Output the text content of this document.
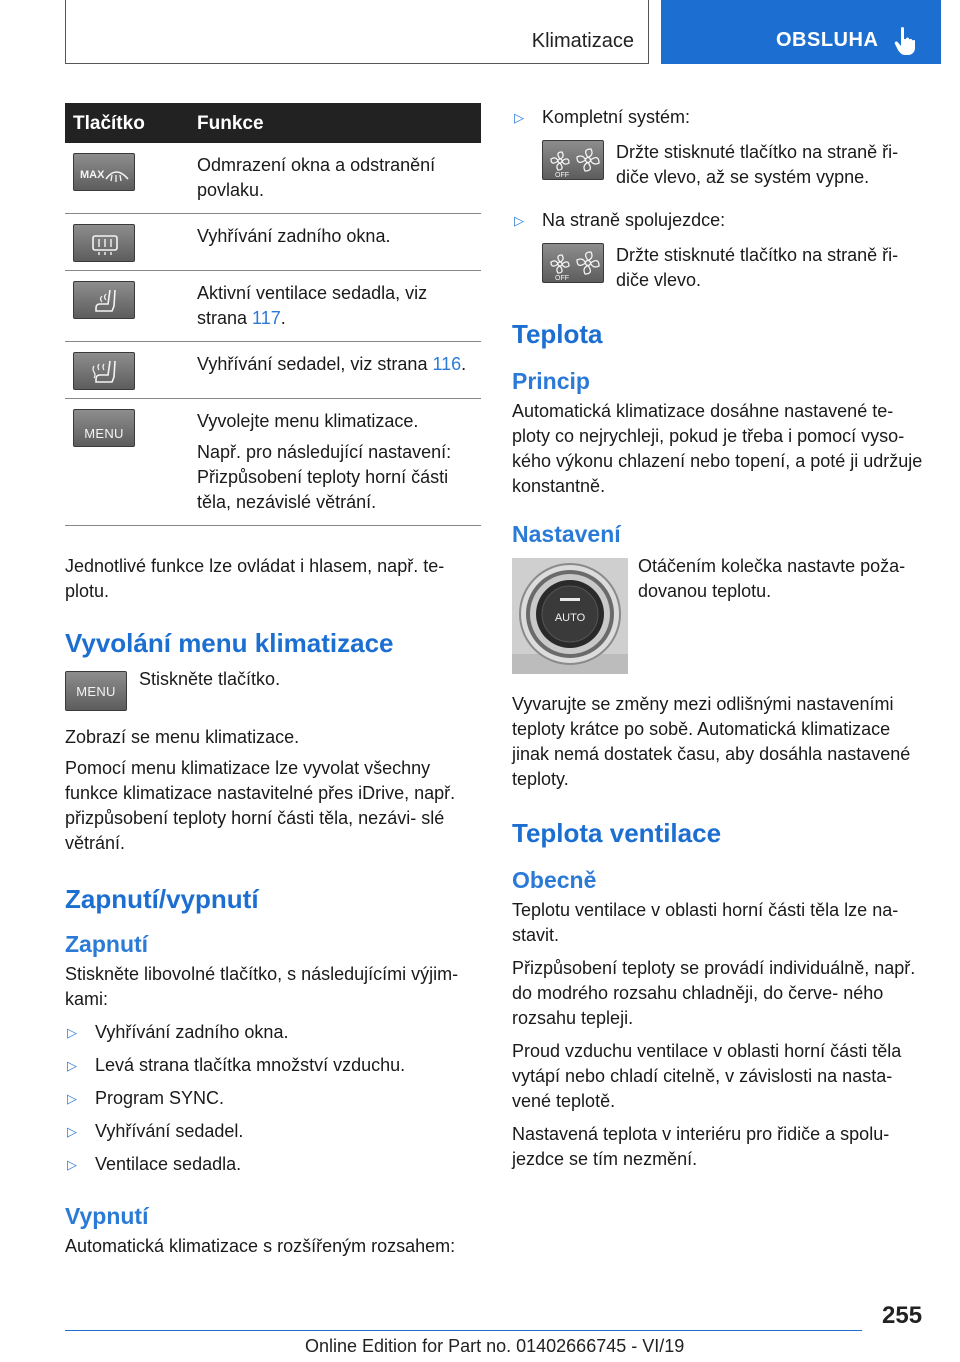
Klimatizace	OBSLUHA
Tlačítko	Funkce

MAX	Odmrazení okna a odstranění povlaku.

Vyhřívání zadního okna.

Aktivní ventilace sedadla, viz strana 117.

Vyhřívání sedadel, viz strana 116.

MENU	Vyvolejte menu klimatizace.

Např. pro následující nastavení: Přizpůsobení teploty horní části těla, nezávislé větrání.

Jednotlivé funkce lze ovládat i hlasem, např. te- plotu.

Vyvolání menu klimatizace
MENU
Stiskněte tlačítko.

Zobrazí se menu klimatizace.

Pomocí menu klimatizace lze vyvolat všechny funkce klimatizace nastavitelné přes iDrive, např. přizpůsobení teploty horní části těla, nezávi- slé větrání.

Zapnutí/vypnutí
Zapnutí

Stiskněte libovolné tlačítko, s následujícími výjim- kami:

▷ Vyhřívání zadního okna.
▷ Levá strana tlačítka množství vzduchu.
▷ Program SYNC.
▷ Vyhřívání sedadel.
▷ Ventilace sedadla.
Vypnutí

Automatická klimatizace s rozšířeným rozsahem:

▷ Kompletní systém:
OFF

Držte stisknuté tlačítko na straně ři- diče vlevo, až se systém vypne.

▷ Na straně spolujezdce:
OFF

Držte stisknuté tlačítko na straně ři- diče vlevo.

Teplota
Princip

Automatická klimatizace dosáhne nastavené te- ploty co nejrychleji, pokud je třeba i pomocí vyso- kého výkonu chlazení nebo topení, a poté ji udržuje konstantně.

Nastavení
AUTO

Otáčením kolečka nastavte poža- dovanou teplotu.

Vyvarujte se změny mezi odlišnými nastaveními teploty krátce po sobě. Automatická klimatizace jinak nemá dostatek času, aby dosáhla nastavené teploty.

Teplota ventilace
Obecně

Teplotu ventilace v oblasti horní části těla lze na- stavit.

Přizpůsobení teploty se provádí individuálně, např. do modrého rozsahu chladněji, do červe- ného rozsahu tepleji.

Proud vzduchu ventilace v oblasti horní části těla vytápí nebo chladí citelně, v závislosti na nasta- vené teplotě.

Nastavená teplota v interiéru pro řidiče a spolu- jezdce se tím nezmění.

255
Online Edition for Part no. 01402666745 - VI/19
